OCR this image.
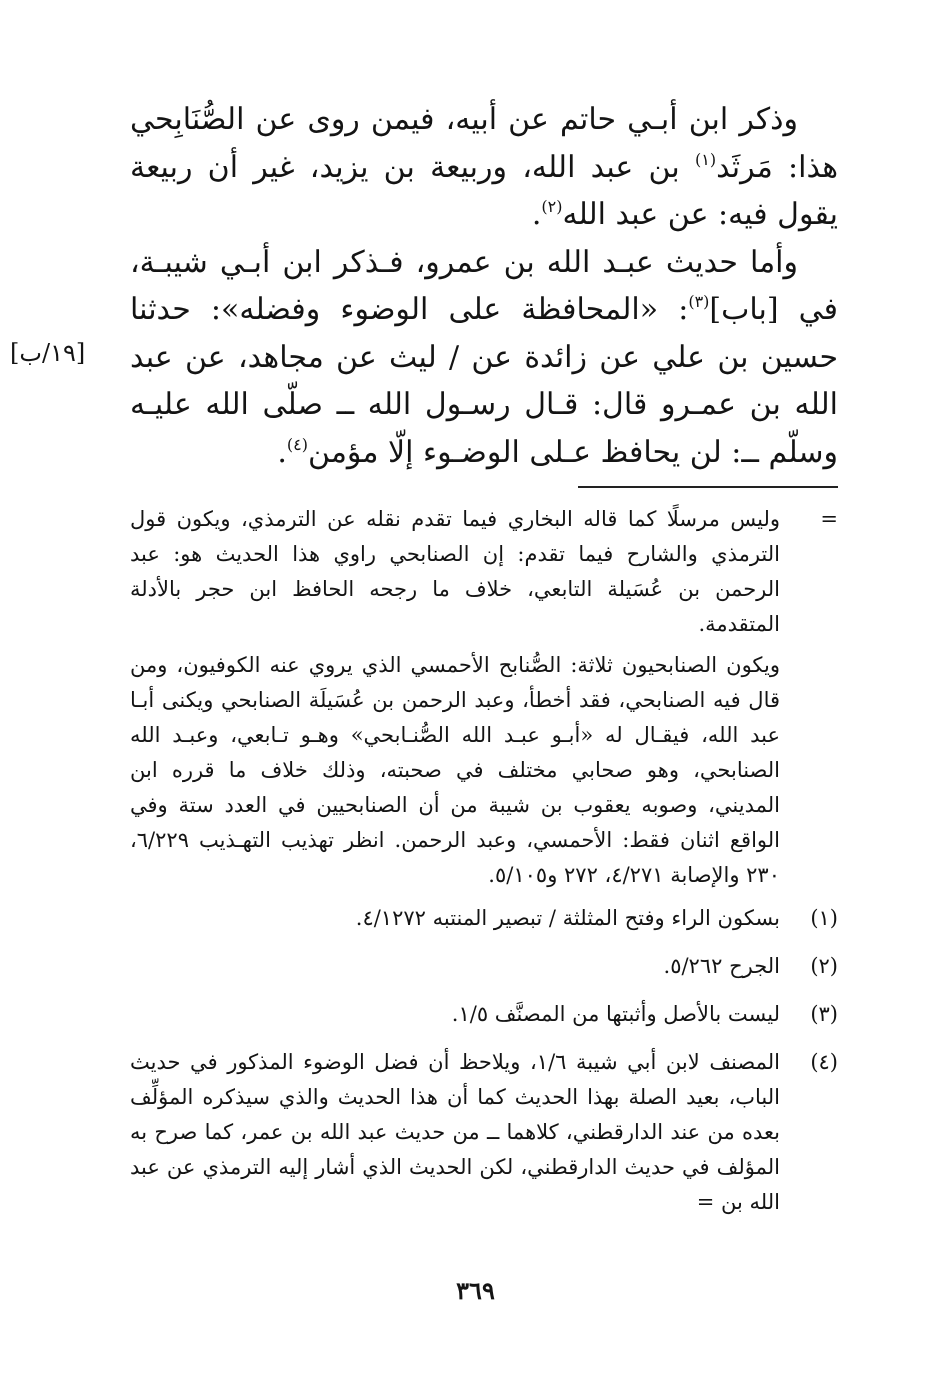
وذكر ابن أبـي حاتم عن أبيه، فيمن روى عن الصُّنَابِحي هذا: مَرثَد$^{(١)}$ بن عبد الله، وربيعة بن يزيد، غير أن ربيعة يقول فيه: عن عبد الله$^{(٢)}$.

وأما حديث عبـد الله بن عمرو، فـذكر ابن أبـي شيبـة، في [باب]$^{(٣)}$: «المحافظة على الوضوء وفضله»: حدثنا حسين بن علي عن زائدة عن / ليث عن مجاهد، عن عبد الله بن عمـرو قال: قـال رسـول الله ــ صلّى الله عليـه وسلّم ــ: لن يحافظ عـلى الوضـوء إلّا مؤمن$^{(٤)}$.

[١٩/ب]
=
وليس مرسلًا كما قاله البخاري فيما تقدم نقله عن الترمذي، ويكون قول الترمذي والشارح فيما تقدم: إن الصنابحي راوي هذا الحديث هو: عبد الرحمن بن عُسَيلة التابعي، خلاف ما رجحه الحافظ ابن حجر بالأدلة المتقدمة.

ويكون الصنابحيون ثلاثة: الصُّنابح الأحمسي الذي يروي عنه الكوفيون، ومن قال فيه الصنابحي، فقد أخطأ، وعبد الرحمن بن عُسَيلَة الصنابحي ويكنى أبـا عبد الله، فيقـال له «أبـو عبـد الله الصُّنـابحي» وهـو تـابعي، وعبـد الله الصنابحي، وهو صحابي مختلف في صحبته، وذلك خلاف ما قرره ابن المديني، وصوبه يعقوب بن شيبة من أن الصنابحيين في العدد ستة وفي الواقع اثنان فقط: الأحمسي، وعبد الرحمن. انظر تهذيب التهـذيب ٦/٢٢٩، ٢٣٠ والإصابة ٤/٢٧١، ٢٧٢ و٥/١٠٥.

(١)
بسكون الراء وفتح المثلثة / تبصير المنتبه ٤/١٢٧٢.
(٢)
الجرح ٥/٢٦٢.
(٣)
ليست بالأصل وأثبتها من المصنَّف ١/٥.
(٤)
المصنف لابن أبي شيبة ١/٦، ويلاحظ أن فضل الوضوء المذكور في حديث الباب، بعيد الصلة بهذا الحديث كما أن هذا الحديث والذي سيذكره المؤلِّف بعده من عند الدارقطني، كلاهما ــ من حديث عبد الله بن عمر، كما صرح به المؤلف في حديث الدارقطني، لكن الحديث الذي أشار إليه الترمذي عن عبد الله بن =
٣٦٩
